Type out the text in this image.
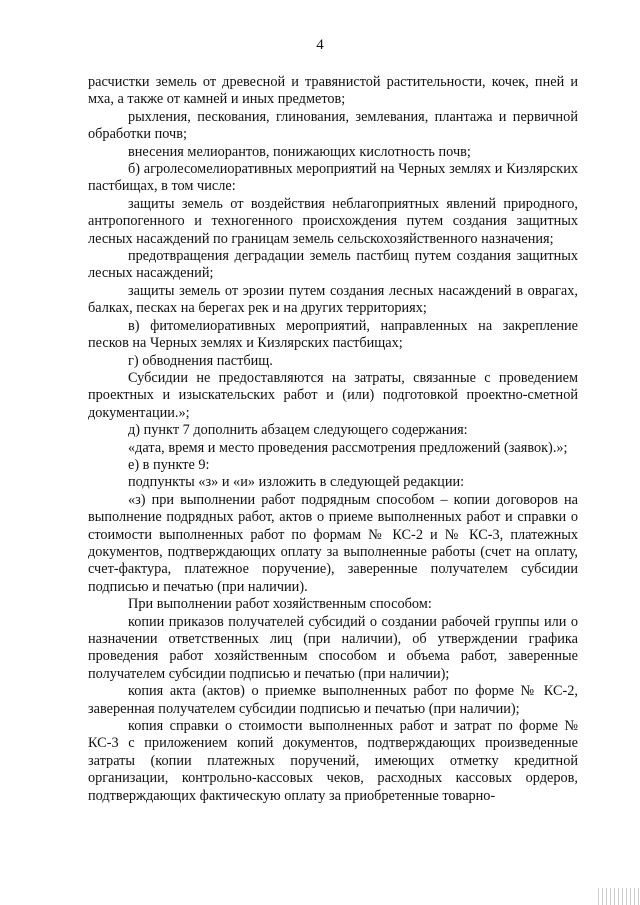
4

расчистки земель от древесной и травянистой растительности, кочек, пней и мха, а также от камней и иных предметов;

рыхления, пескования, глинования, землевания, плантажа и первичной обработки почв;

внесения мелиорантов, понижающих кислотность почв;

б) агролесомелиоративных мероприятий на Черных землях и Кизлярских пастбищах, в том числе:

защиты земель от воздействия неблагоприятных явлений природного, антропогенного и техногенного происхождения путем создания защитных лесных насаждений по границам земель сельскохозяйственного назначения;

предотвращения деградации земель пастбищ путем создания защитных лесных насаждений;

защиты земель от эрозии путем создания лесных насаждений в оврагах, балках, песках на берегах рек и на других территориях;

в) фитомелиоративных мероприятий, направленных на закрепление песков на Черных землях и Кизлярских пастбищах;

г) обводнения пастбищ.

Субсидии не предоставляются на затраты, связанные с проведением проектных и изыскательских работ и (или) подготовкой проектно-сметной документации.»;

д) пункт 7 дополнить абзацем следующего содержания:

«дата, время и место проведения рассмотрения предложений (заявок).»;

е) в пункте 9:

подпункты «з» и «и» изложить в следующей редакции:

«з) при выполнении работ подрядным способом – копии договоров на выполнение подрядных работ, актов о приеме выполненных работ и справки о стоимости выполненных работ по формам № КС-2 и № КС-3, платежных документов, подтверждающих оплату за выполненные работы (счет на оплату, счет-фактура, платежное поручение), заверенные получателем субсидии подписью и печатью (при наличии).

При выполнении работ хозяйственным способом:

копии приказов получателей субсидий о создании рабочей группы или о назначении ответственных лиц (при наличии), об утверждении графика проведения работ хозяйственным способом и объема работ, заверенные получателем субсидии подписью и печатью (при наличии);

копия акта (актов) о приемке выполненных работ по форме № КС-2, заверенная получателем субсидии подписью и печатью (при наличии);

копия справки о стоимости выполненных работ и затрат по форме № КС-3 с приложением копий документов, подтверждающих произведенные затраты (копии платежных поручений, имеющих отметку кредитной организации, контрольно-кассовых чеков, расходных кассовых ордеров, подтверждающих фактическую оплату за приобретенные товарно-
